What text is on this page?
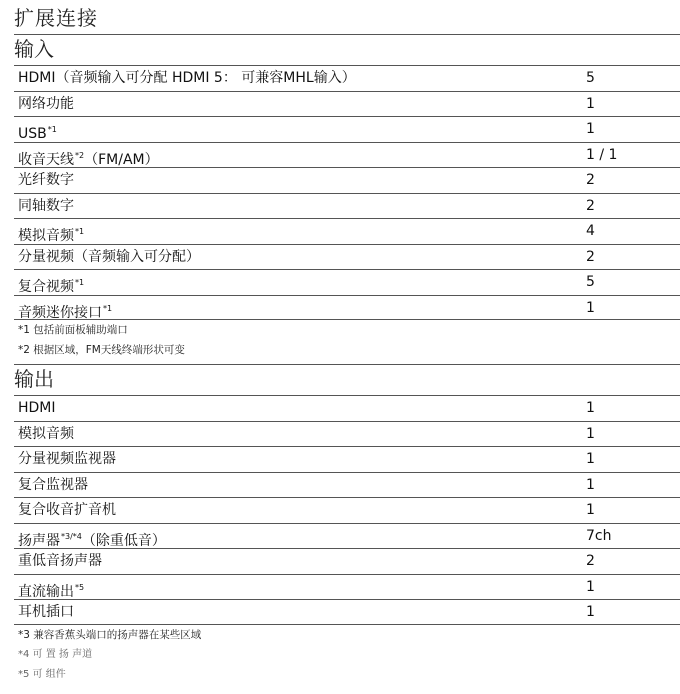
扩展连接
输入
HDMI（音频输入可分配 HDMI 5： 可兼容MHL输入）	5
网络功能	1
USB$^{*1}$	1
收音天线$^{*2}$（FM/AM）	1 / 1
光纤数字	2
同轴数字	2
模拟音频$^{*1}$	4
分量视频（音频输入可分配）	2
复合视频$^{*1}$	5
音频迷你接口$^{*1}$	1
*1 包括前面板辅助端口
*2 根据区域，FM天线终端形状可变
输出
HDMI	1
模拟音频	1
分量视频监视器	1
复合监视器	1
复合收音扩音机	1
扬声器$^{*3/*4}$（除重低音）	7ch
重低音扬声器	2
直流输出$^{*5}$	1
耳机插口	1
*3 兼容香蕉头端口的扬声器在某些区域
*4 可 置 扬 声道
*5 可 组件
